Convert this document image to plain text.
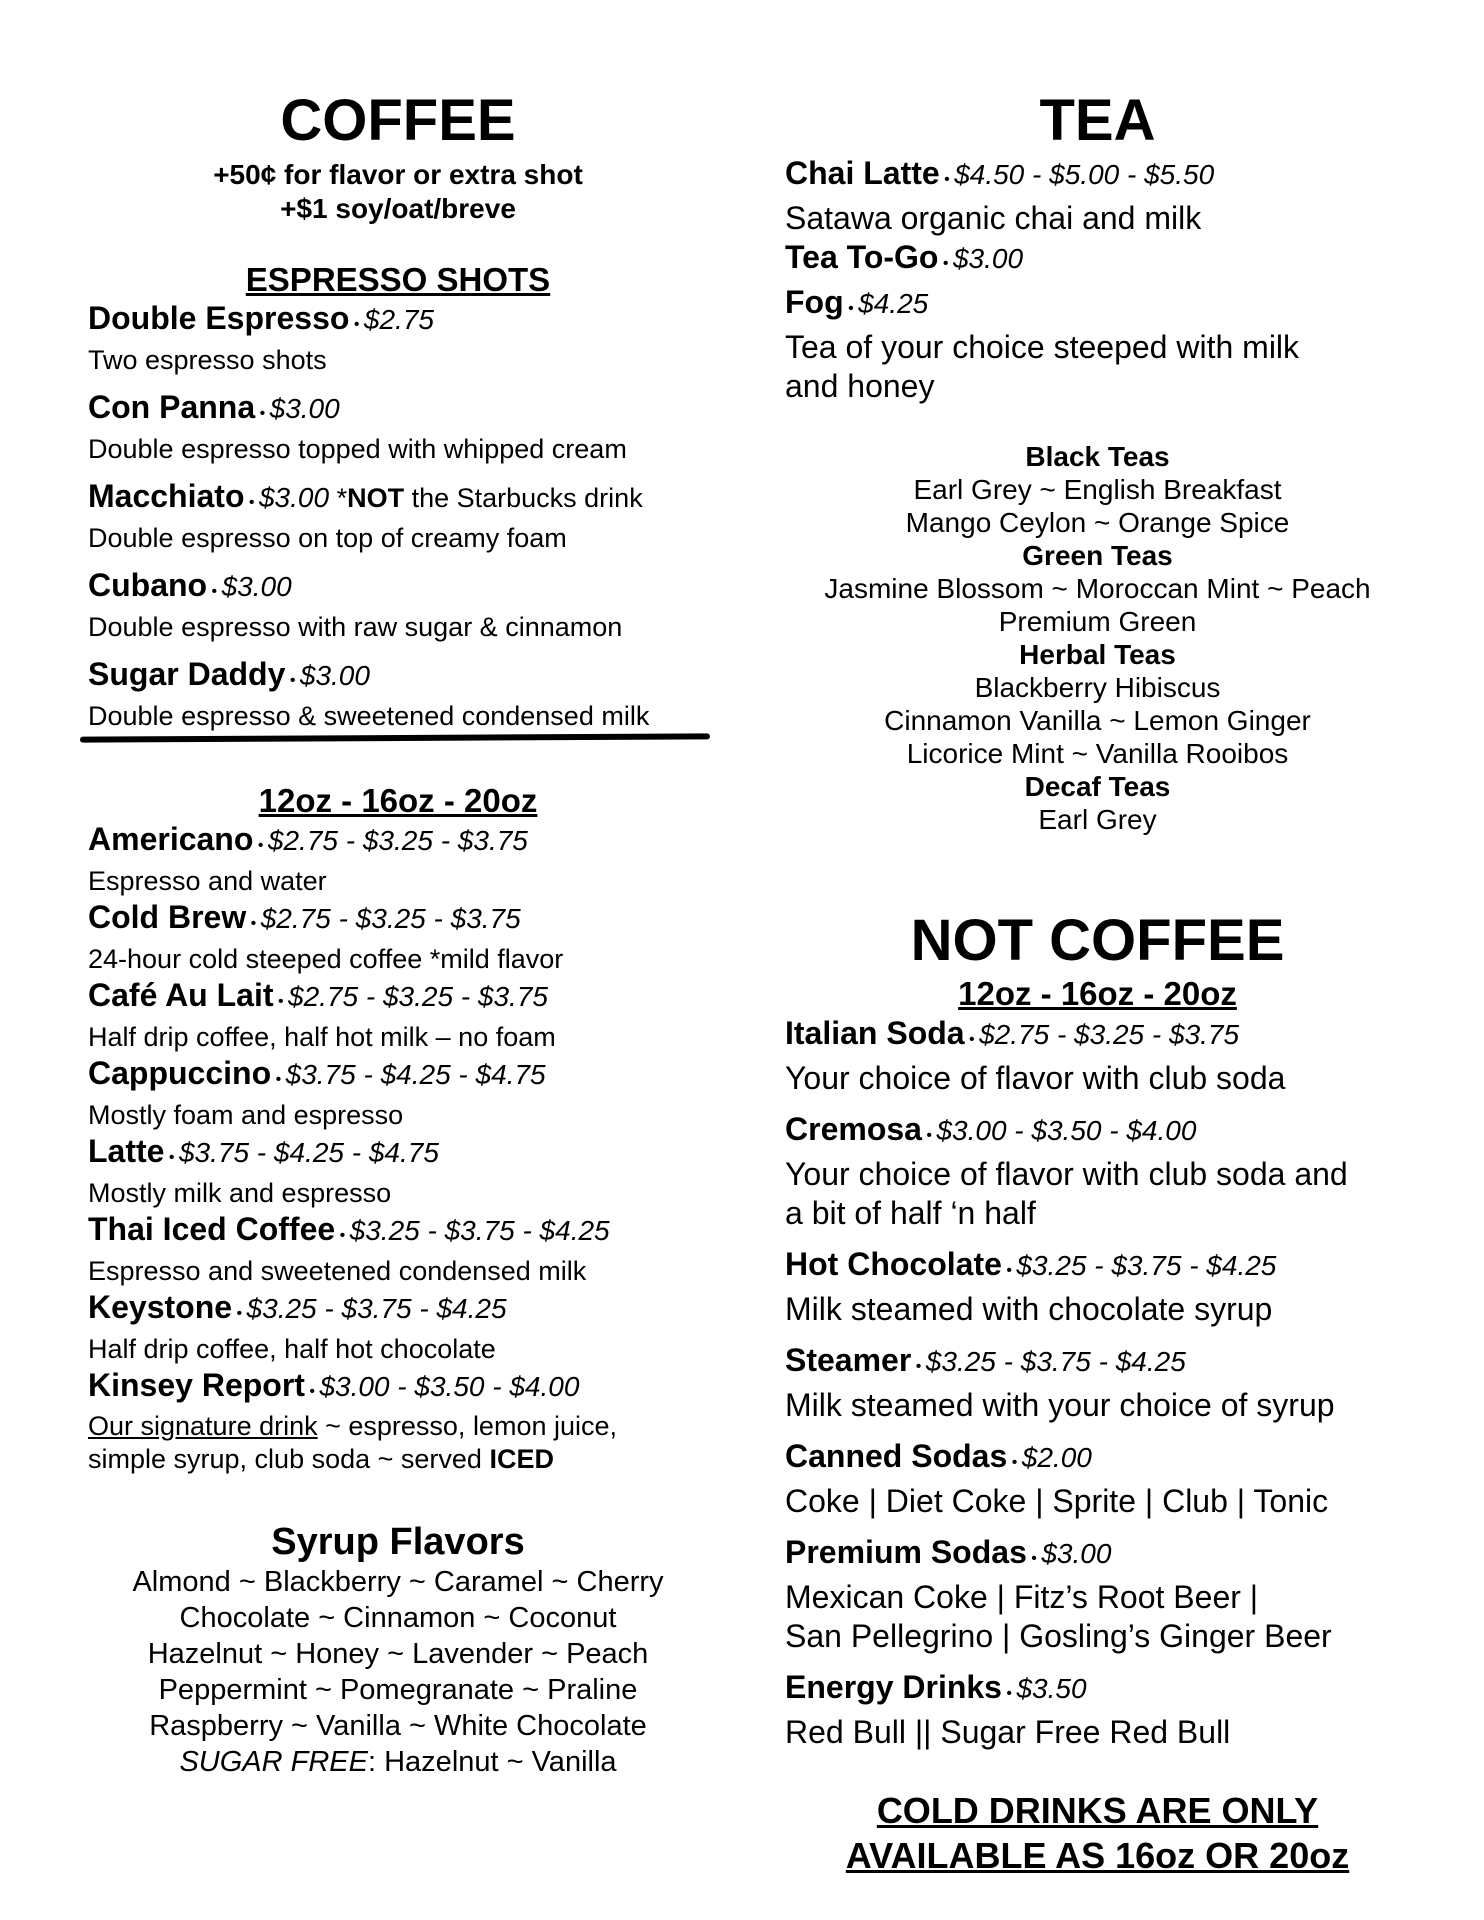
COFFEE
+50¢ for flavor or extra shot
+$1 soy/oat/breve
ESPRESSO SHOTS
Double Espresso • $2.75
Two espresso shots
Con Panna • $3.00
Double espresso topped with whipped cream
Macchiato • $3.00 *NOT the Starbucks drink
Double espresso on top of creamy foam
Cubano • $3.00
Double espresso with raw sugar & cinnamon
Sugar Daddy • $3.00
Double espresso & sweetened condensed milk
12oz - 16oz - 20oz
Americano • $2.75 - $3.25 - $3.75
Espresso and water
Cold Brew • $2.75 - $3.25 - $3.75
24-hour cold steeped coffee *mild flavor
Café Au Lait • $2.75 - $3.25 - $3.75
Half drip coffee, half hot milk – no foam
Cappuccino • $3.75 - $4.25 - $4.75
Mostly foam and espresso
Latte • $3.75 - $4.25 - $4.75
Mostly milk and espresso
Thai Iced Coffee • $3.25 - $3.75 - $4.25
Espresso and sweetened condensed milk
Keystone • $3.25 - $3.75 - $4.25
Half drip coffee, half hot chocolate
Kinsey Report • $3.00 - $3.50 - $4.00
Our signature drink ~ espresso, lemon juice,
simple syrup, club soda ~ served ICED
Syrup Flavors
Almond ~ Blackberry ~ Caramel ~ Cherry
Chocolate ~ Cinnamon ~ Coconut
Hazelnut ~ Honey ~ Lavender ~ Peach
Peppermint ~ Pomegranate ~ Praline
Raspberry ~ Vanilla ~ White Chocolate
SUGAR FREE: Hazelnut ~ Vanilla
TEA
Chai Latte • $4.50 - $5.00 - $5.50
Satawa organic chai and milk
Tea To-Go • $3.00
Fog • $4.25
Tea of your choice steeped with milk
and honey
Black Teas
Earl Grey ~ English Breakfast
Mango Ceylon ~ Orange Spice
Green Teas
Jasmine Blossom ~ Moroccan Mint ~ Peach
Premium Green
Herbal Teas
Blackberry Hibiscus
Cinnamon Vanilla ~ Lemon Ginger
Licorice Mint ~ Vanilla Rooibos
Decaf Teas
Earl Grey
NOT COFFEE
12oz - 16oz - 20oz
Italian Soda • $2.75 - $3.25 - $3.75
Your choice of flavor with club soda
Cremosa • $3.00 - $3.50 - $4.00
Your choice of flavor with club soda and
a bit of half ‘n half
Hot Chocolate • $3.25 - $3.75 - $4.25
Milk steamed with chocolate syrup
Steamer • $3.25 - $3.75 - $4.25
Milk steamed with your choice of syrup
Canned Sodas • $2.00
Coke | Diet Coke | Sprite | Club | Tonic
Premium Sodas • $3.00
Mexican Coke | Fitz’s Root Beer |
San Pellegrino | Gosling’s Ginger Beer
Energy Drinks • $3.50
Red Bull || Sugar Free Red Bull
COLD DRINKS ARE ONLY
AVAILABLE AS 16oz OR 20oz
